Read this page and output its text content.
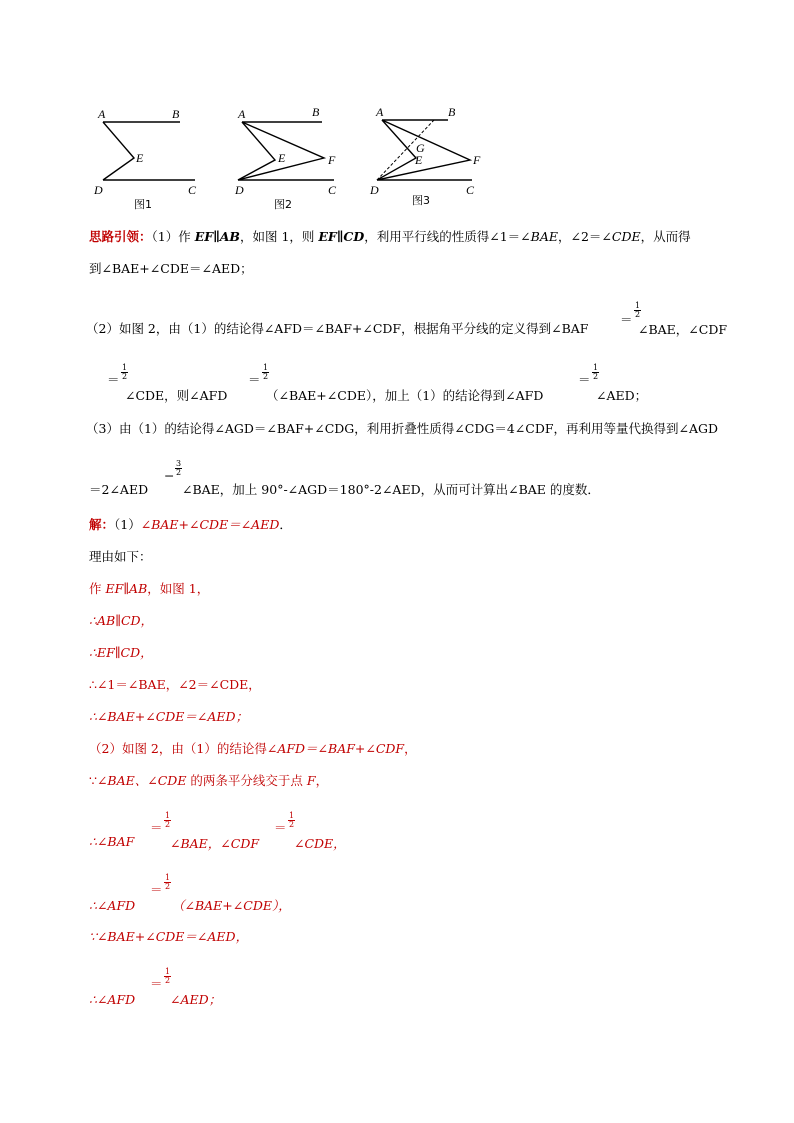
A	B
E
D	C
图1
A	B
E	F
D	C
图2
A	B
G
E	F
D	C
图3
思路引领：（1）作 EF∥AB，如图 1，则 EF∥CD，利用平行线的性质得∠1＝∠BAE，∠2＝∠CDE，从而得
到∠BAE+∠CDE＝∠AED；
（2）如图 2，由（1）的结论得∠AFD＝∠BAF+∠CDF，根据角平分线的定义得到∠BAF
＝
$\frac{1}{2}$
∠BAE，∠CDF
＝ $\frac{1}{2}$
∠CDE，则∠AFD
＝ $\frac{1}{2}$
（∠BAE+∠CDE），加上（1）的结论得到∠AFD
＝ $\frac{1}{2}$
∠AED；
（3）由（1）的结论得∠AGD＝∠BAF+∠CDG，利用折叠性质得∠CDG＝4∠CDF，再利用等量代换得到∠AGD
＝2∠AED
− $\frac{3}{2}$
∠BAE，加上 90°-∠AGD＝180°-2∠AED，从而可计算出∠BAE 的度数．
解：（1）∠BAE+∠CDE＝∠AED．
理由如下：
作 EF∥AB，如图 1，
∴AB∥CD，
∴EF∥CD，
∴∠1＝∠BAE，∠2＝∠CDE，
∴∠BAE+∠CDE＝∠AED；
（2）如图 2，由（1）的结论得∠AFD＝∠BAF+∠CDF，
∵∠BAE、∠CDE 的两条平分线交于点 F，
∴∠BAF
＝ $\frac{1}{2}$
∠BAE，∠CDF
＝ $\frac{1}{2}$
∠CDE，
∴∠AFD
＝ $\frac{1}{2}$
（∠BAE+∠CDE），
∵∠BAE+∠CDE＝∠AED，
∴∠AFD
＝ $\frac{1}{2}$
∠AED；
